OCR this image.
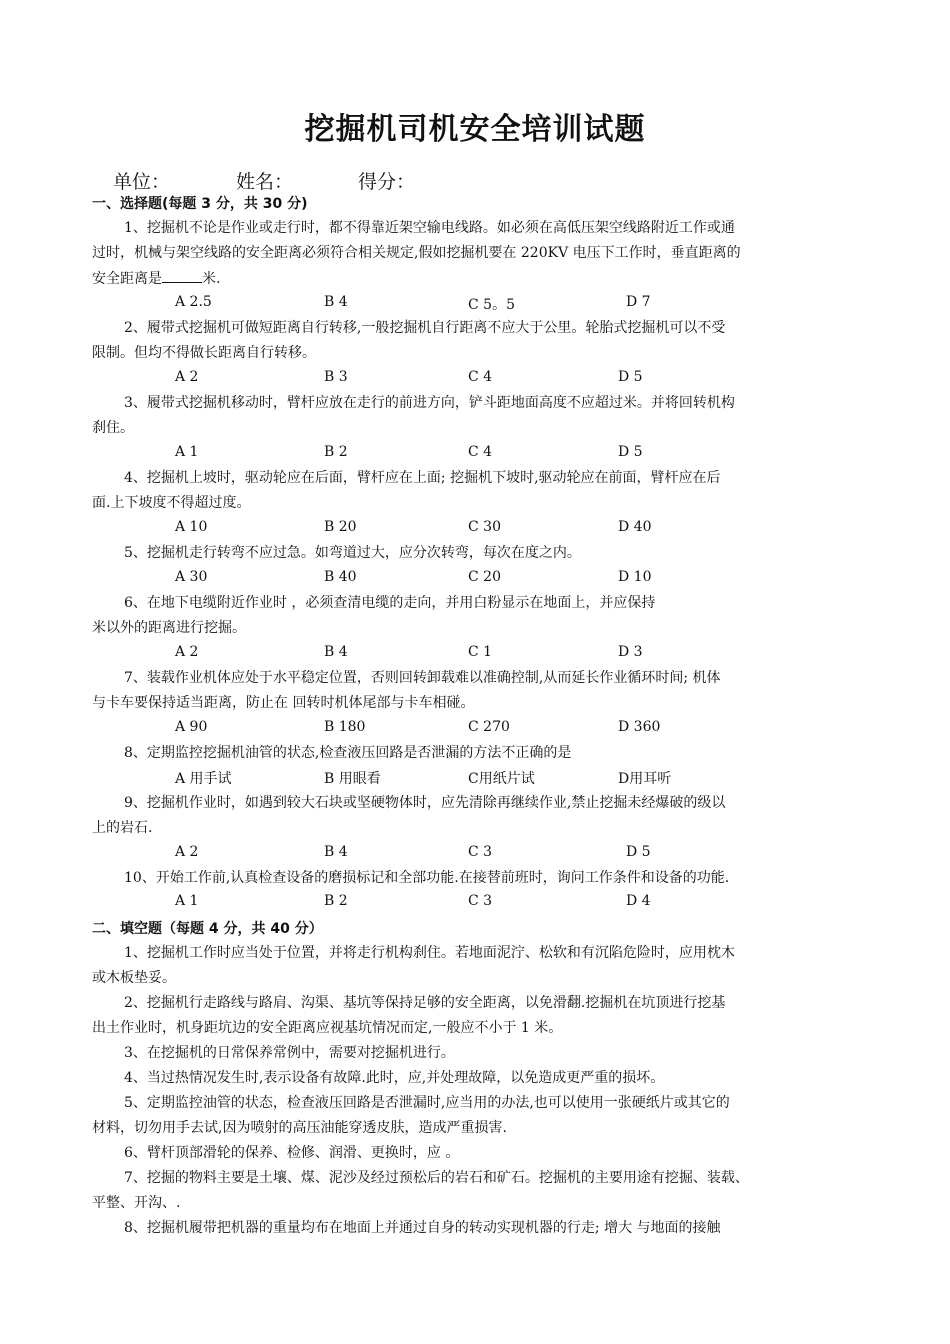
挖掘机司机安全培训试题
单位：	姓名：	得分：
一、选择题(每题 3 分，共 30 分)
1、挖掘机不论是作业或走行时，都不得靠近架空输电线路。如必须在高低压架空线路附近工作或通
过时，机械与架空线路的安全距离必须符合相关规定,假如挖掘机要在 220KV 电压下工作时，垂直距离的
安全距离是	米.
A 2.5	B 4	C 5。5	D 7
2、履带式挖掘机可做短距离自行转移,一般挖掘机自行距离不应大于公里。轮胎式挖掘机可以不受
限制。但均不得做长距离自行转移。
A 2	B 3	C 4	D 5
3、履带式挖掘机移动时，臂杆应放在走行的前进方向，铲斗距地面高度不应超过米。并将回转机构
刹住。
A 1	B 2	C 4	D 5
4、挖掘机上坡时，驱动轮应在后面，臂杆应在上面; 挖掘机下坡时,驱动轮应在前面，臂杆应在后
面.上下坡度不得超过度。
A 10	B 20	C 30	D 40
5、挖掘机走行转弯不应过急。如弯道过大，应分次转弯，每次在度之内。
A 30	B 40	C 20	D 10
6、在地下电缆附近作业时 ，必须查清电缆的走向，并用白粉显示在地面上，并应保持
米以外的距离进行挖掘。
A 2	B 4	C 1	D 3
7、装载作业机体应处于水平稳定位置，否则回转卸载难以准确控制,从而延长作业循环时间; 机体
与卡车要保持适当距离，防止在 回转时机体尾部与卡车相碰。
A 90	B 180	C 270	D 360
8、定期监控挖掘机油管的状态,检查液压回路是否泄漏的方法不正确的是
A 用手试	B 用眼看	C用纸片试	D用耳听
9、挖掘机作业时，如遇到较大石块或坚硬物体时，应先清除再继续作业,禁止挖掘未经爆破的级以
上的岩石.
A 2	B 4	C 3	D 5
10、开始工作前,认真检查设备的磨损标记和全部功能.在接替前班时，询问工作条件和设备的功能.
A 1	B 2	C 3	D 4
二、填空题（每题 4 分，共 40 分）
1、挖掘机工作时应当处于位置，并将走行机构刹住。若地面泥泞、松软和有沉陷危险时，应用枕木
或木板垫妥。
2、挖掘机行走路线与路肩、沟渠、基坑等保持足够的安全距离，以免滑翻.挖掘机在坑顶进行挖基
出土作业时，机身距坑边的安全距离应视基坑情况而定,一般应不小于 1 米。
3、在挖掘机的日常保养常例中，需要对挖掘机进行。
4、当过热情况发生时,表示设备有故障.此时，应,并处理故障，以免造成更严重的损坏。
5、定期监控油管的状态，检查液压回路是否泄漏时,应当用的办法,也可以使用一张硬纸片或其它的
材料，切勿用手去试,因为喷射的高压油能穿透皮肤，造成严重损害.
6、臂杆顶部滑轮的保养、检修、润滑、更换时，应 。
7、挖掘的物料主要是土壤、煤、泥沙及经过预松后的岩石和矿石。挖掘机的主要用途有挖掘、装载、
平整、开沟、.
8、挖掘机履带把机器的重量均布在地面上并通过自身的转动实现机器的行走; 增大 与地面的接触
